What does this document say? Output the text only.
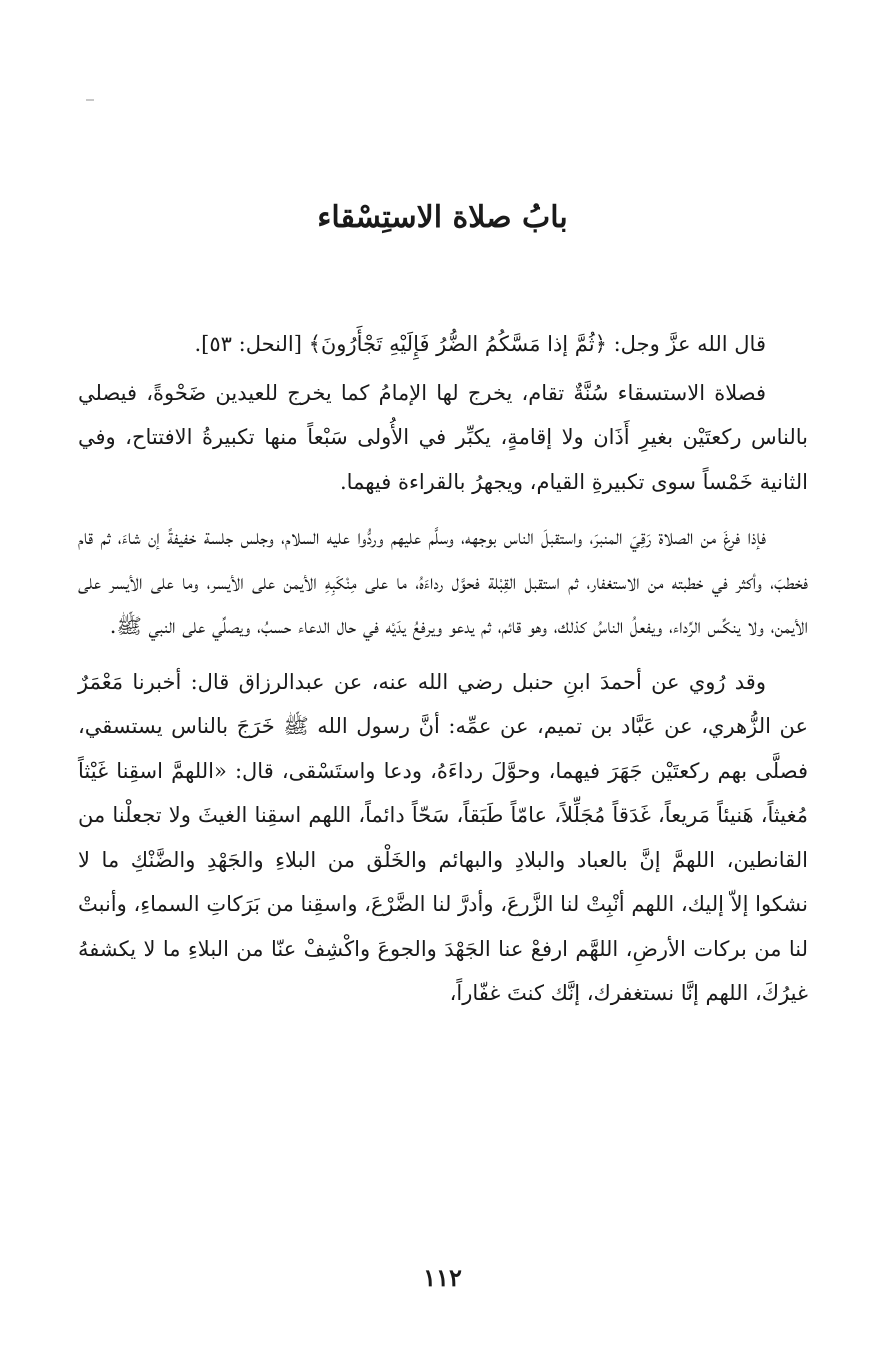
بابُ صلاة الاستِسْقاء

قال الله عزَّ وجل: ﴿ثُمَّ إذا مَسَّكُمُ الضُّرُ فَإِلَيْهِ تَجْأَرُونَ﴾ [النحل: ٥٣].

فصلاة الاستسقاء سُنَّةٌ تقام، يخرج لها الإمامُ كما يخرج للعيدين ضَحْوةً، فيصلي بالناس ركعتَيْن بغيرِ أَذَان ولا إقامةٍ، يكبِّر في الأُولى سَبْعاً منها تكبيرةُ الافتتاح، وفي الثانية خَمْساً سوى تكبيرةِ القيام، ويجهرُ بالقراءة فيهما.

فإذا فرغَ من الصلاة رَقِيَ المنبرَ، واستقبلَ الناس بوجهه، وسلَّم عليهم وردُّوا عليه السلام، وجلس جلسة خفيفةً إن شاءَ، ثم قام فخطبَ، وأكثر في خطبته من الاستغفار، ثم استقبل القِبْلة فحوَّل رداءَهُ، ما على مِنْكَبِهِ الأيمن على الأيسر، وما على الأيسر على الأيمن، ولا ينكِّس الرِّداء، ويفعلُ الناسُ كذلك، وهو قائم، ثم يدعو ويرفعُ يدَيْه في حال الدعاء حسبُ، ويصلِّي على النبي ﷺ.

وقد رُوي عن أحمدَ ابنِ حنبل رضي الله عنه، عن عبدالرزاق قال: أخبرنا مَعْمَرٌ عن الزُّهري، عن عَبَّاد بن تميم، عن عمِّه: أنَّ رسول الله ﷺ خَرَجَ بالناس يستسقي، فصلَّى بهم ركعتَيْن جَهَرَ فيهما، وحوَّلَ رداءَهُ، ودعا واستَسْقى، قال: «اللهمَّ اسقِنا غَيْثاً مُغيثاً، هَنيئاً مَريعاً، غَدَقاً مُجَلِّلاً، عامّاً طَبَقاً، سَحّاً دائماً، اللهم اسقِنا الغيثَ ولا تجعلْنا من القانطين، اللهمَّ إنَّ بالعباد والبلادِ والبهائم والخَلْق من البلاءِ والجَهْدِ والضَّنْكِ ما لا نشكوا إلاّ إليك، اللهم أنْبِتْ لنا الزَّرعَ، وأدرَّ لنا الضَّرْعَ، واسقِنا من بَرَكاتِ السماءِ، وأنبتْ لنا من بركات الأرضِ، اللهَّم ارفعْ عنا الجَهْدَ والجوعَ واكْشِفْ عنّا من البلاءِ ما لا يكشفهُ غيرُكَ، اللهم إنَّا نستغفرك، إنَّك كنتَ غفّاراً،

١١٢
